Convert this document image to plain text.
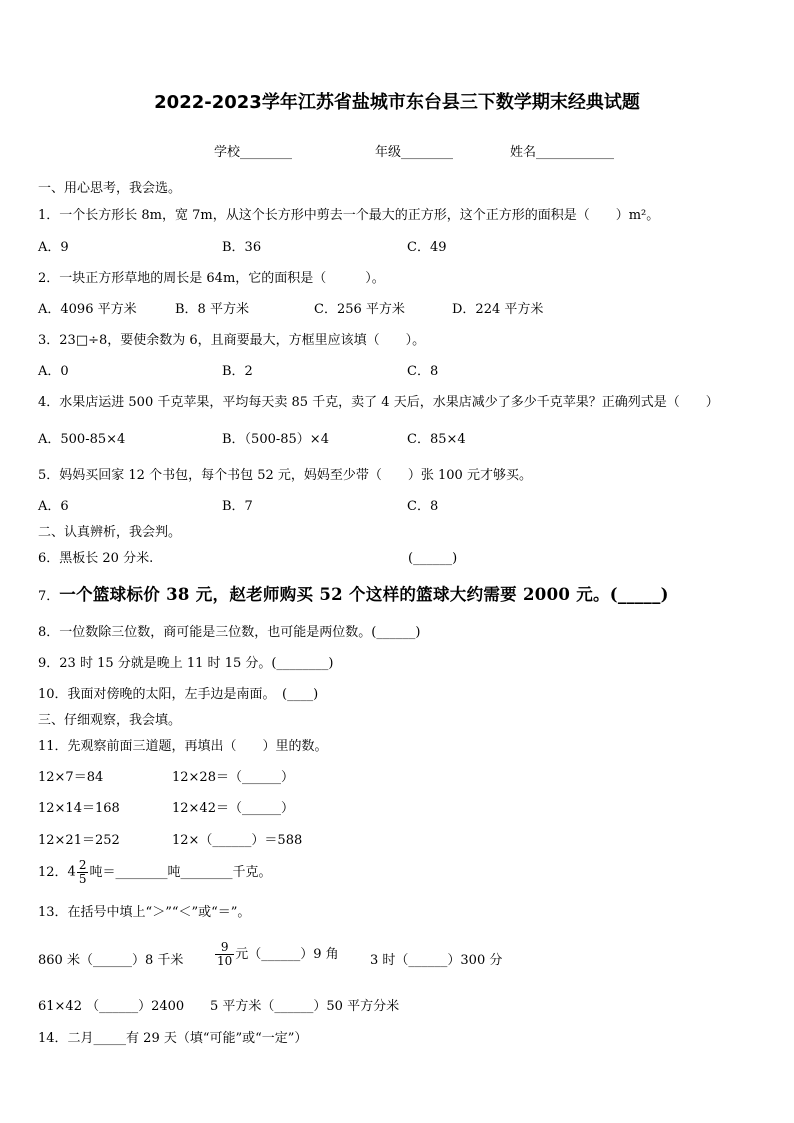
2022-2023学年江苏省盐城市东台县三下数学期末经典试题
学校________	年级________	姓名____________
一、用心思考，我会选。
1．一个长方形长 8m，宽 7m，从这个长方形中剪去一个最大的正方形，这个正方形的面积是（　　）m²。
A．9	B．36	C．49
2．一块正方形草地的周长是 64m，它的面积是（　　　）。
A．4096 平方米	B．8 平方米	C．256 平方米	D．224 平方米
3．23□÷8，要使余数为 6，且商要最大，方框里应该填（　　）。
A．0	B．2	C．8
4．水果店运进 500 千克苹果，平均每天卖 85 千克，卖了 4 天后，水果店减少了多少千克苹果？正确列式是（　　）
A．500-85×4	B．（500-85）×4	C．85×4
5．妈妈买回家 12 个书包，每个书包 52 元，妈妈至少带（　　）张 100 元才够买。
A．6	B．7	C．8
二、认真辨析，我会判。
6．黑板长 20 分米.	(______)
7．一个篮球标价 38 元，赵老师购买 52 个这样的篮球大约需要 2000 元。(_____)
8．一位数除三位数，商可能是三位数，也可能是两位数。(______)
9．23 时 15 分就是晚上 11 时 15 分。(________)
10．我面对傍晚的太阳，左手边是南面。　(____)
三、仔细观察，我会填。
11．先观察前面三道题，再填出（　　）里的数。
12×7＝84	12×28＝（______）
12×14＝168	12×42＝（______）
12×21＝252	12×（______）＝588
12．$4 \frac{2}{5}$ 吨＝________吨________千克。
13．在括号中填上“＞”“＜”或“＝”。
860 米（______）8 千米	$\frac{9}{10}$ 元（______）9 角 3 时（______）300 分
61×42 （______）2400 5 平方米（______）50 平方分米
14．二月_____有 29 天（填“可能”或“一定”）
